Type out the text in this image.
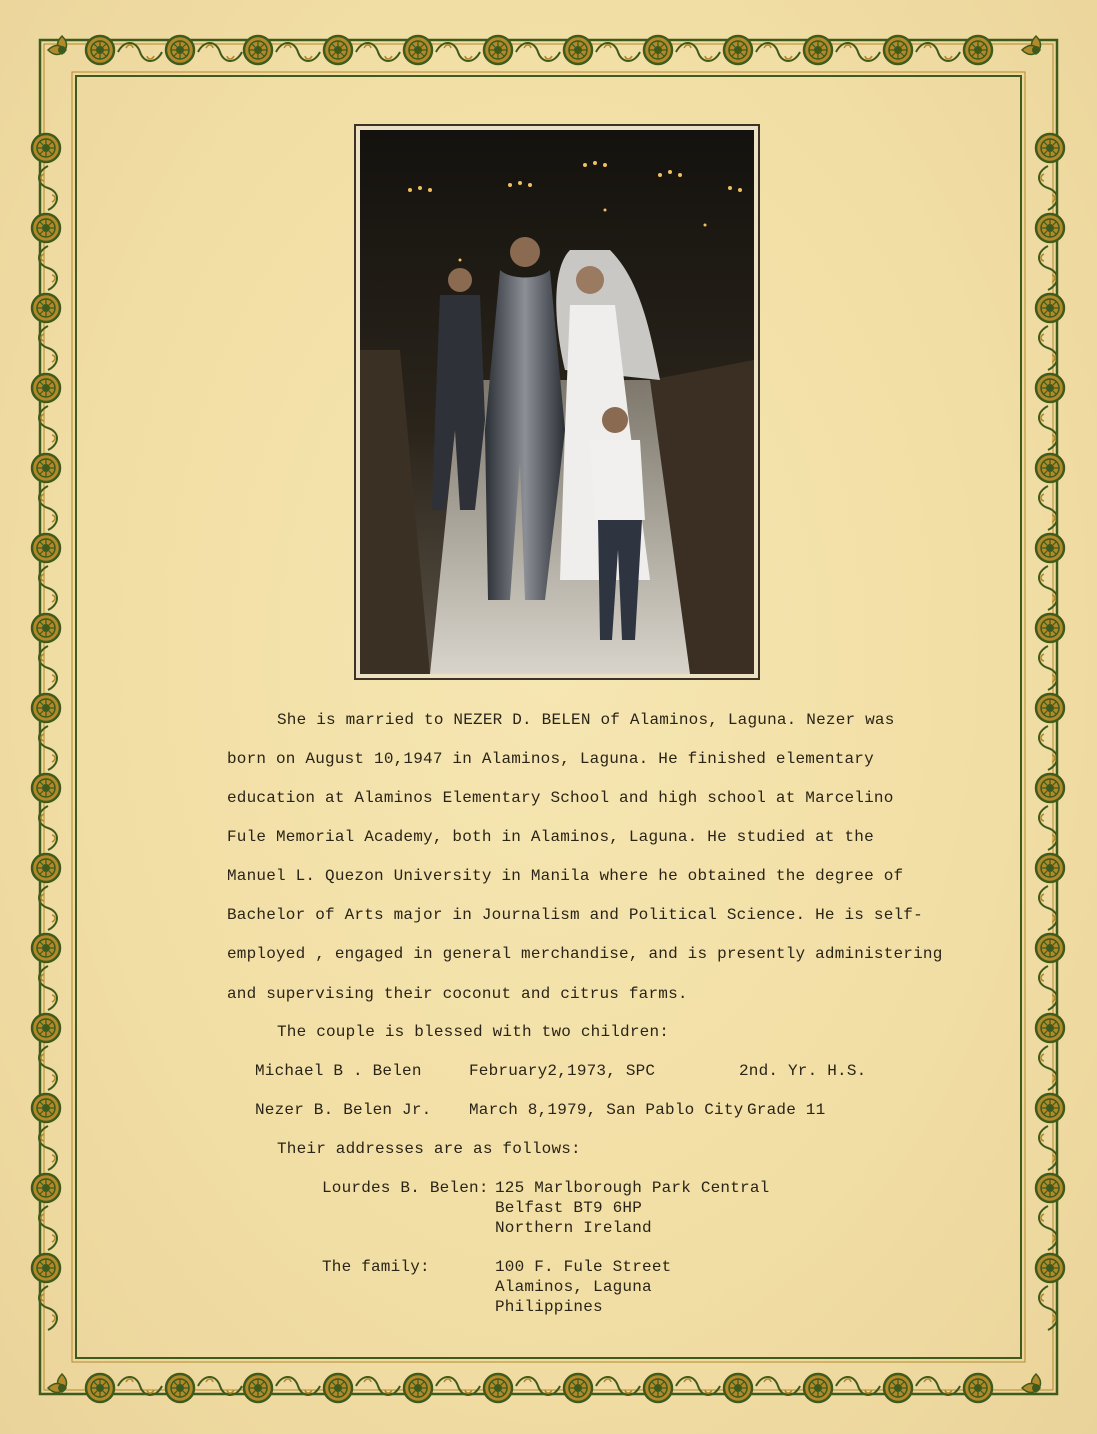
She is married to NEZER D. BELEN of Alaminos, Laguna. Nezer was
born on August 10,1947 in Alaminos, Laguna. He finished elementary
education at Alaminos Elementary School and high school at Marcelino
Fule Memorial Academy, both in Alaminos, Laguna. He studied at the
Manuel L. Quezon University in Manila where he obtained the degree of
Bachelor of Arts major in Journalism and Political Science. He is self-
employed , engaged in general merchandise, and is presently administering
and supervising their coconut and citrus farms.
The couple is blessed with two children:
Michael B . Belen	February2,1973, SPC	2nd. Yr. H.S.
Nezer B. Belen Jr. March 8,1979, San Pablo City Grade 11
Their addresses are as follows:
Lourdes B. Belen: 125 Marlborough Park Central
Belfast BT9 6HP
Northern Ireland
The family:	100 F. Fule Street
Alaminos, Laguna
Philippines
